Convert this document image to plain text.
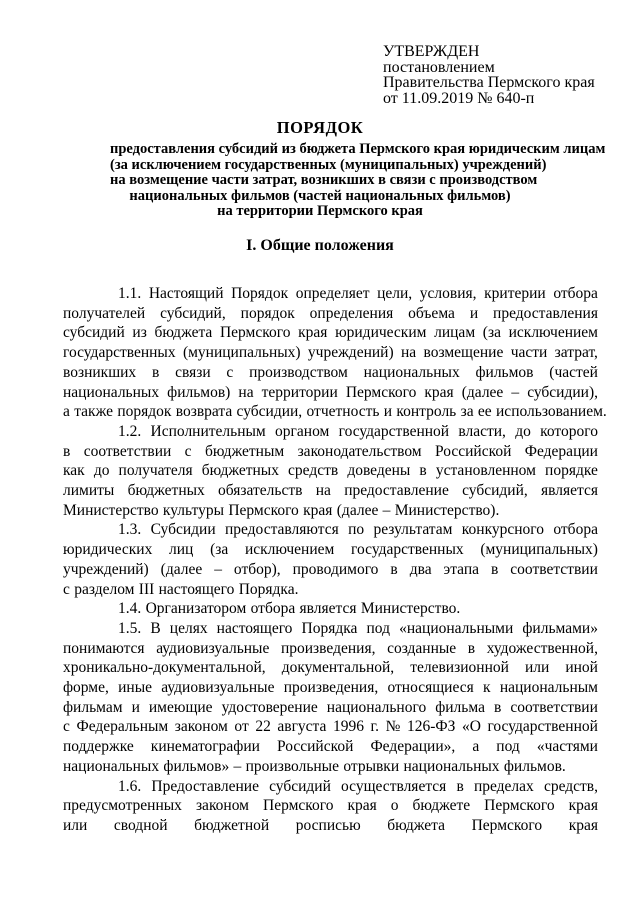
УТВЕРЖДЕН
постановлением
Правительства Пермского края
от 11.09.2019 № 640-п
ПОРЯДОК
предоставления субсидий из бюджета Пермского края юридическим лицам
(за исключением государственных (муниципальных) учреждений)
на возмещение части затрат, возникших в связи с производством
национальных фильмов (частей национальных фильмов)
на территории Пермского края
I. Общие положения
1.1. Настоящий Порядок определяет цели, условия, критерии отбора
получателей субсидий, порядок определения объема и предоставления
субсидий из бюджета Пермского края юридическим лицам (за исключением
государственных (муниципальных) учреждений) на возмещение части затрат,
возникших в связи с производством национальных фильмов (частей
национальных фильмов) на территории Пермского края (далее – субсидии),
а также порядок возврата субсидии, отчетность и контроль за ее использованием.
1.2. Исполнительным органом государственной власти, до которого
в соответствии с бюджетным законодательством Российской Федерации
как до получателя бюджетных средств доведены в установленном порядке
лимиты бюджетных обязательств на предоставление субсидий, является
Министерство культуры Пермского края (далее – Министерство).
1.3. Субсидии предоставляются по результатам конкурсного отбора
юридических лиц (за исключением государственных (муниципальных)
учреждений) (далее – отбор), проводимого в два этапа в соответствии
с разделом III настоящего Порядка.
1.4. Организатором отбора является Министерство.
1.5. В целях настоящего Порядка под «национальными фильмами»
понимаются аудиовизуальные произведения, созданные в художественной,
хроникально-документальной, документальной, телевизионной или иной
форме, иные аудиовизуальные произведения, относящиеся к национальным
фильмам и имеющие удостоверение национального фильма в соответствии
с Федеральным законом от 22 августа 1996 г. № 126-ФЗ «О государственной
поддержке кинематографии Российской Федерации», а под «частями
национальных фильмов» – произвольные отрывки национальных фильмов.
1.6. Предоставление субсидий осуществляется в пределах средств,
предусмотренных законом Пермского края о бюджете Пермского края
или сводной бюджетной росписью бюджета Пермского края
